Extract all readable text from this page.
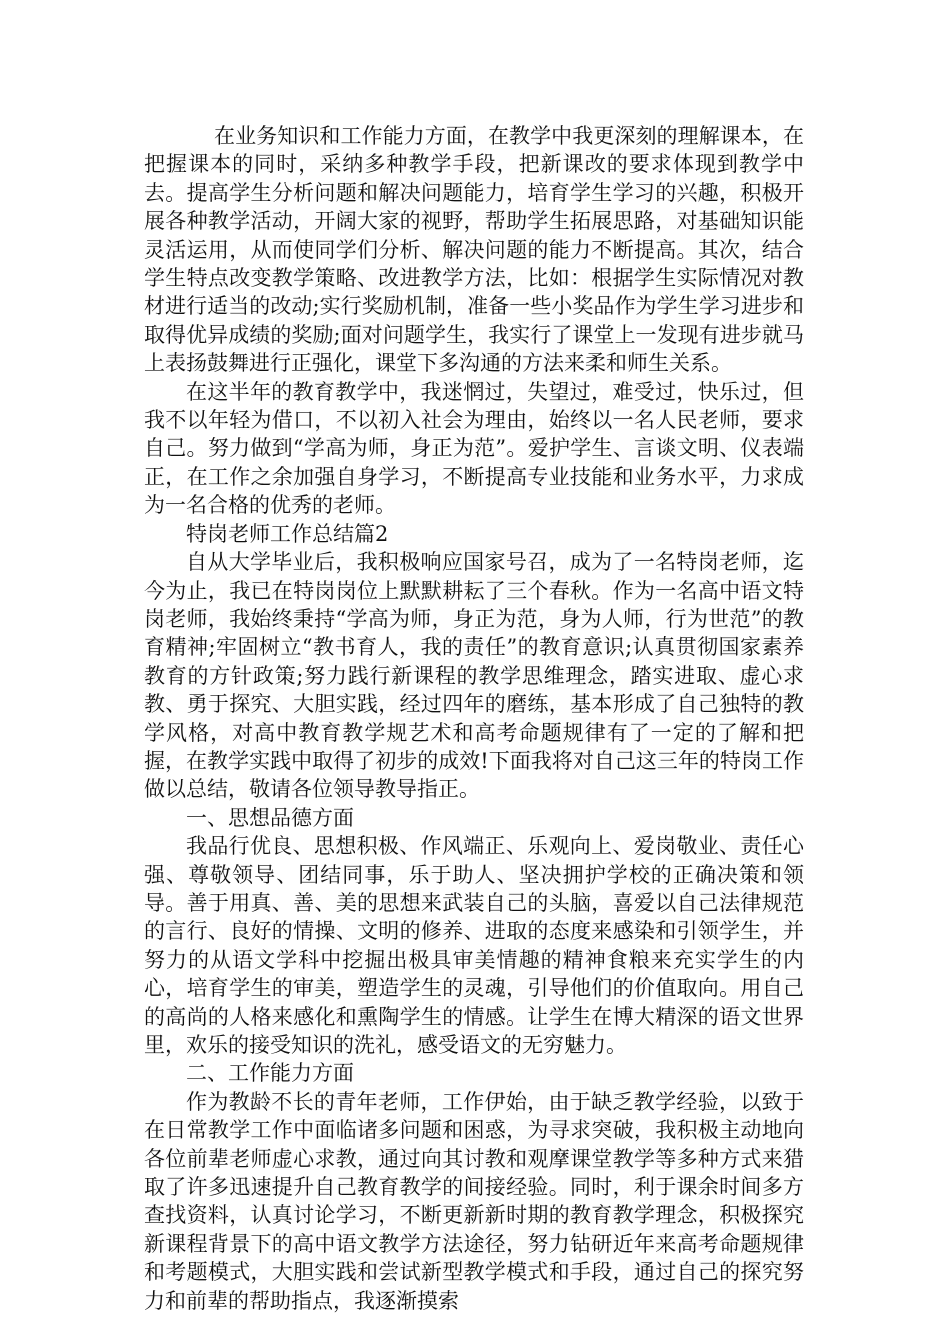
在业务知识和工作能力方面，在教学中我更深刻的理解课本，在把握课本的同时，采纳多种教学手段，把新课改的要求体现到教学中去。提高学生分析问题和解决问题能力，培育学生学习的兴趣，积极开展各种教学活动，开阔大家的视野，帮助学生拓展思路，对基础知识能灵活运用，从而使同学们分析、解决问题的能力不断提高。其次，结合学生特点改变教学策略、改进教学方法，比如：根据学生实际情况对教材进行适当的改动;实行奖励机制，准备一些小奖品作为学生学习进步和取得优异成绩的奖励;面对问题学生，我实行了课堂上一发现有进步就马上表扬鼓舞进行正强化，课堂下多沟通的方法来柔和师生关系。

在这半年的教育教学中，我迷惘过，失望过，难受过，快乐过，但我不以年轻为借口，不以初入社会为理由，始终以一名人民老师，要求自己。努力做到“学高为师，身正为范”。爱护学生、言谈文明、仪表端正，在工作之余加强自身学习，不断提高专业技能和业务水平，力求成为一名合格的优秀的老师。

特岗老师工作总结篇2

自从大学毕业后，我积极响应国家号召，成为了一名特岗老师，迄今为止，我已在特岗岗位上默默耕耘了三个春秋。作为一名高中语文特岗老师，我始终秉持“学高为师，身正为范，身为人师，行为世范”的教育精神;牢固树立“教书育人，我的责任”的教育意识;认真贯彻国家素养教育的方针政策;努力践行新课程的教学思维理念，踏实进取、虚心求教、勇于探究、大胆实践，经过四年的磨练，基本形成了自己独特的教学风格，对高中教育教学规艺术和高考命题规律有了一定的了解和把握，在教学实践中取得了初步的成效!下面我将对自己这三年的特岗工作做以总结，敬请各位领导教导指正。

一、思想品德方面

我品行优良、思想积极、作风端正、乐观向上、爱岗敬业、责任心强、尊敬领导、团结同事，乐于助人、坚决拥护学校的正确决策和领导。善于用真、善、美的思想来武装自己的头脑，喜爱以自己法律规范的言行、良好的情操、文明的修养、进取的态度来感染和引领学生，并努力的从语文学科中挖掘出极具审美情趣的精神食粮来充实学生的内心，培育学生的审美，塑造学生的灵魂，引导他们的价值取向。用自己的高尚的人格来感化和熏陶学生的情感。让学生在博大精深的语文世界里，欢乐的接受知识的洗礼，感受语文的无穷魅力。

二、工作能力方面

作为教龄不长的青年老师，工作伊始，由于缺乏教学经验，以致于在日常教学工作中面临诸多问题和困惑，为寻求突破，我积极主动地向各位前辈老师虚心求教，通过向其讨教和观摩课堂教学等多种方式来猎取了许多迅速提升自己教育教学的间接经验。同时，利于课余时间多方查找资料，认真讨论学习，不断更新新时期的教育教学理念，积极探究新课程背景下的高中语文教学方法途径，努力钻研近年来高考命题规律和考题模式，大胆实践和尝试新型教学模式和手段，通过自己的探究努力和前辈的帮助指点，我逐渐摸索
